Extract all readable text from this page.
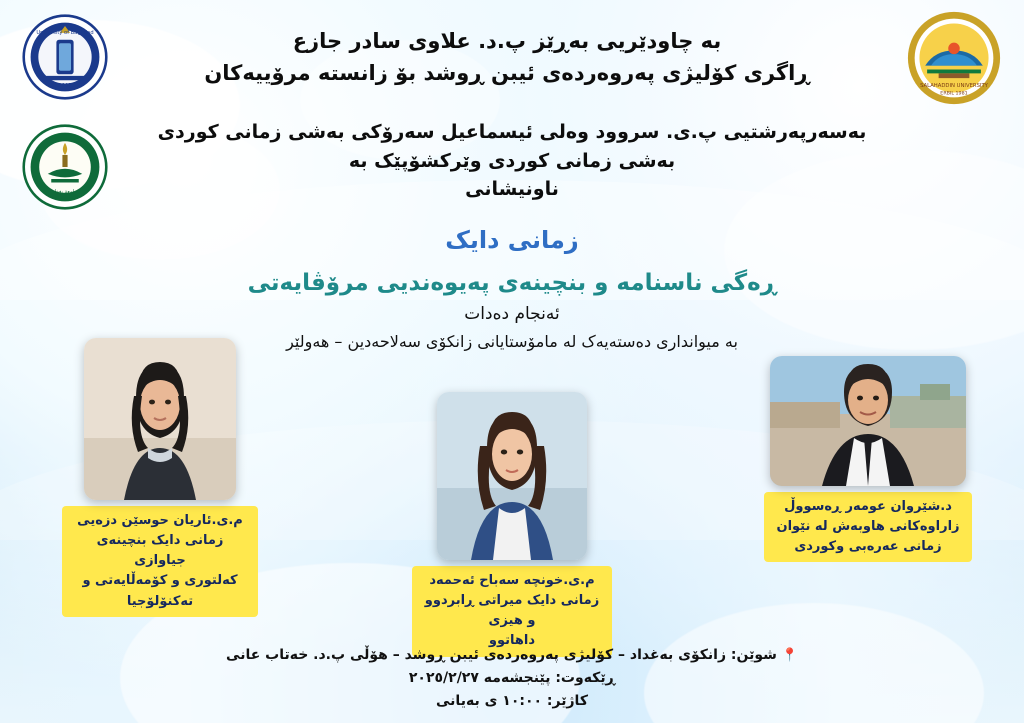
University of Baghdad
1907
جامعة بغداد
SALAHADDIN UNIVERSITY
ERBIL 1981
به چاودێریی بەڕێز پ.د. علاوی سادر جازع
ڕاگری کۆلیژی پەروەردەی ئیبن ڕوشد بۆ زانستە مرۆییەکان
بەسەرپەرشتیی پ.ی. سروود وەلی ئیسماعیل سەرۆکی بەشی زمانی کوردی
بەشی زمانی کوردی وێرکشۆپێک بە
ناونیشانی
زمانی دایک
ڕەگی ناسنامە و بنچینەی پەیوەندیی مرۆڤایەتی
ئەنجام دەدات
بە میوانداری دەستەیەک لە مامۆستایانی زانکۆی سەلاحەدین – هەولێر
م.ی.ئاریان حوسێن دزەیی
زمانی دایک بنچینەی جیاوازی
کەلتوری و کۆمەڵایەتی و تەکنۆلۆجیا
م.ی.خونچە سەباح ئەحمەد
زمانی دایک میراتی ڕابردوو و هیزی
داهاتوو
د.شێروان عومەر ڕەسووڵ
زاراوەکانی هاوبەش لە نێوان
زمانی عەرەبی وکوردی
📍 شوێن: زانکۆی بەغداد – کۆلیژی پەروەردەی ئیبن ڕوشد – هۆڵی پ.د. خەتاب عانی
ڕێکەوت: پێنجشەمە ٢٠٢٥/٢/٢٧
کاژێر: ١٠:٠٠ ی بەیانی
